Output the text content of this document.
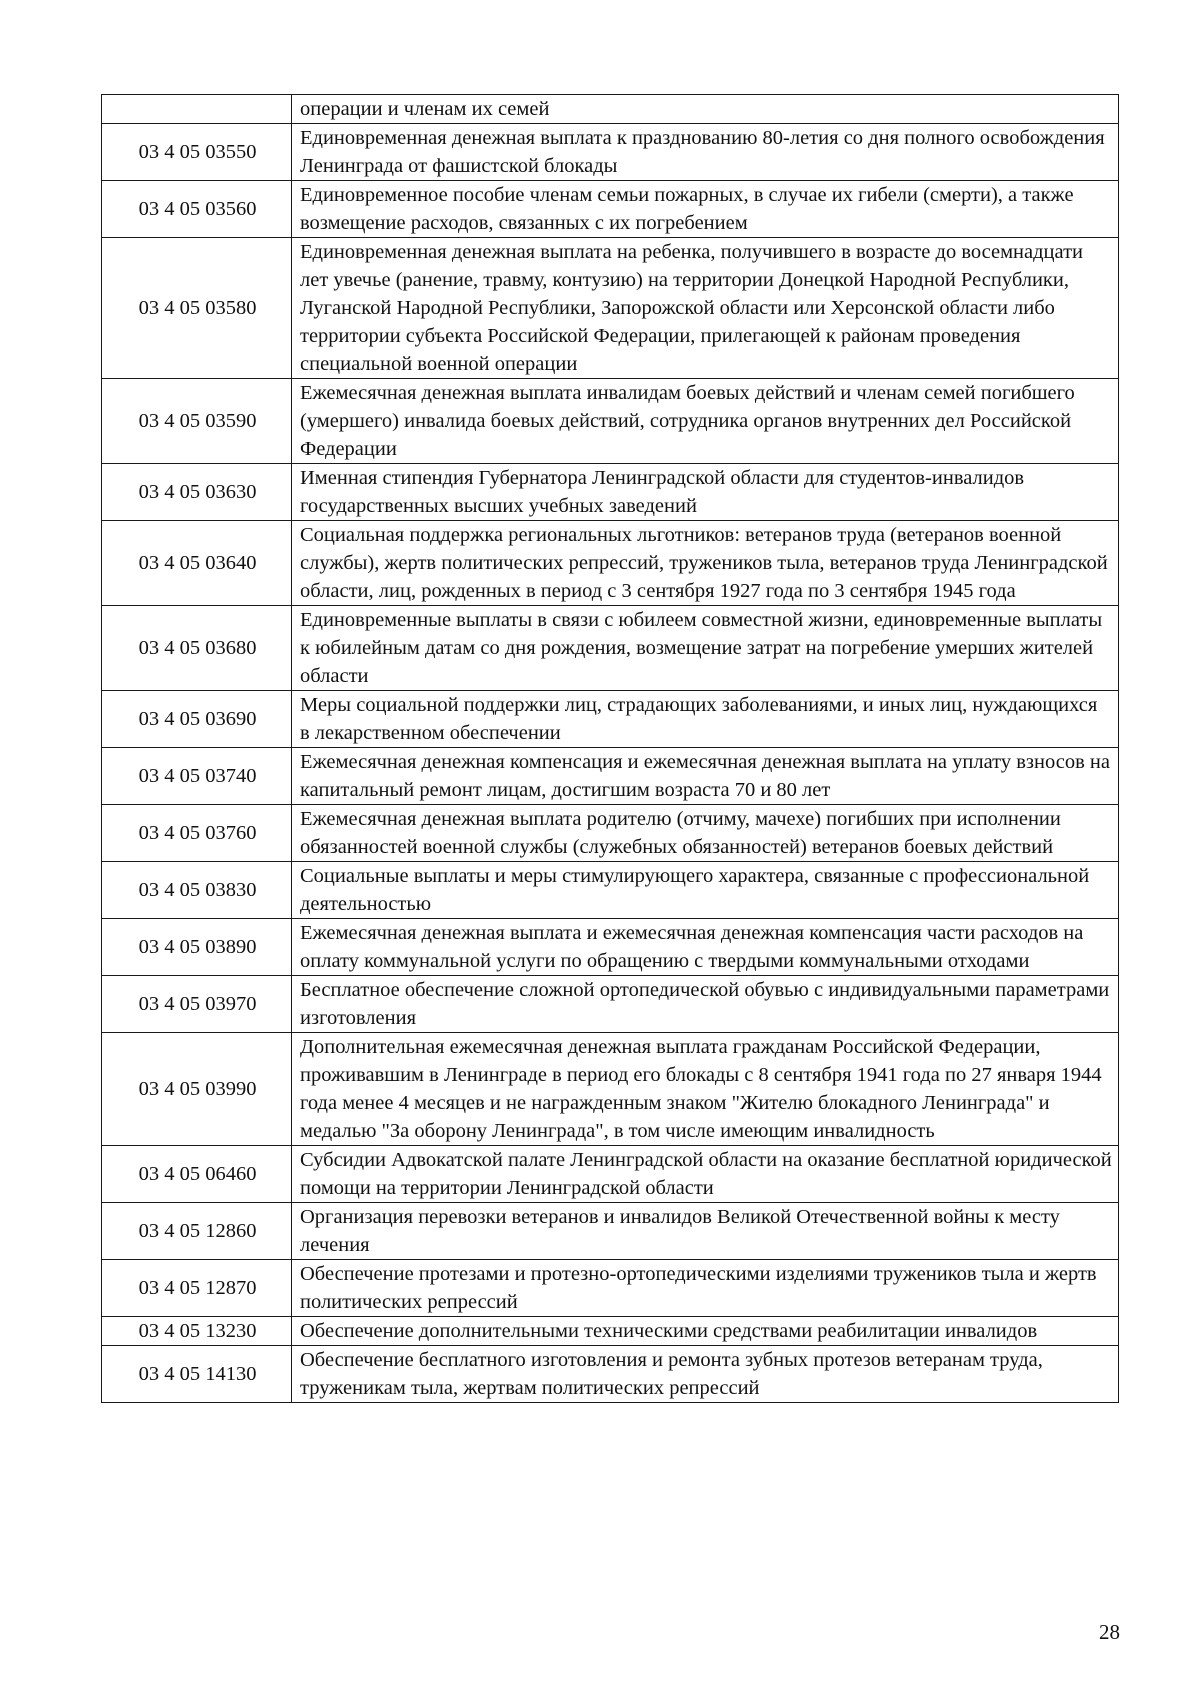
	операции и членам их семей
03 4 05 03550	Единовременная денежная выплата к празднованию 80-летия со дня полного освобождения Ленинграда от фашистской блокады
03 4 05 03560	Единовременное пособие членам семьи пожарных, в случае их гибели (смерти), а также возмещение расходов, связанных с их погребением
03 4 05 03580	Единовременная денежная выплата на ребенка, получившего в возрасте до восемнадцати лет увечье (ранение, травму, контузию) на территории Донецкой Народной Республики, Луганской Народной Республики, Запорожской области или Херсонской области либо территории субъекта Российской Федерации, прилегающей к районам проведения специальной военной операции
03 4 05 03590	Ежемесячная денежная выплата инвалидам боевых действий и членам семей погибшего (умершего) инвалида боевых действий, сотрудника органов внутренних дел Российской Федерации
03 4 05 03630	Именная стипендия Губернатора Ленинградской области для студентов-инвалидов государственных высших учебных заведений
03 4 05 03640	Социальная поддержка региональных льготников: ветеранов труда (ветеранов военной службы), жертв политических репрессий, тружеников тыла, ветеранов труда Ленинградской области, лиц, рожденных в период с 3 сентября 1927 года по 3 сентября 1945 года
03 4 05 03680	Единовременные выплаты в связи с юбилеем совместной жизни, единовременные выплаты к юбилейным датам со дня рождения, возмещение затрат на погребение умерших жителей области
03 4 05 03690	Меры социальной поддержки лиц, страдающих заболеваниями, и иных лиц, нуждающихся в лекарственном обеспечении
03 4 05 03740	Ежемесячная денежная компенсация и ежемесячная денежная выплата на уплату взносов на капитальный ремонт лицам, достигшим возраста 70 и 80 лет
03 4 05 03760	Ежемесячная денежная выплата родителю (отчиму, мачехе) погибших при исполнении обязанностей военной службы (служебных обязанностей) ветеранов боевых действий
03 4 05 03830	Социальные выплаты и меры стимулирующего характера, связанные с профессиональной деятельностью
03 4 05 03890	Ежемесячная денежная выплата и ежемесячная денежная компенсация части расходов на оплату коммунальной услуги по обращению с твердыми коммунальными отходами
03 4 05 03970	Бесплатное обеспечение сложной ортопедической обувью с индивидуальными параметрами изготовления
03 4 05 03990	Дополнительная ежемесячная денежная выплата гражданам Российской Федерации, проживавшим в Ленинграде в период его блокады с 8 сентября 1941 года по 27 января 1944 года менее 4 месяцев и не награжденным знаком "Жителю блокадного Ленинграда" и медалью "За оборону Ленинграда", в том числе имеющим инвалидность
03 4 05 06460	Субсидии Адвокатской палате Ленинградской области на оказание бесплатной юридической помощи на территории Ленинградской области
03 4 05 12860	Организация перевозки ветеранов и инвалидов Великой Отечественной войны к месту лечения
03 4 05 12870	Обеспечение протезами и протезно-ортопедическими изделиями тружеников тыла и жертв политических репрессий
03 4 05 13230	Обеспечение дополнительными техническими средствами реабилитации инвалидов
03 4 05 14130	Обеспечение бесплатного изготовления и ремонта зубных протезов ветеранам труда, труженикам тыла, жертвам политических репрессий
28
